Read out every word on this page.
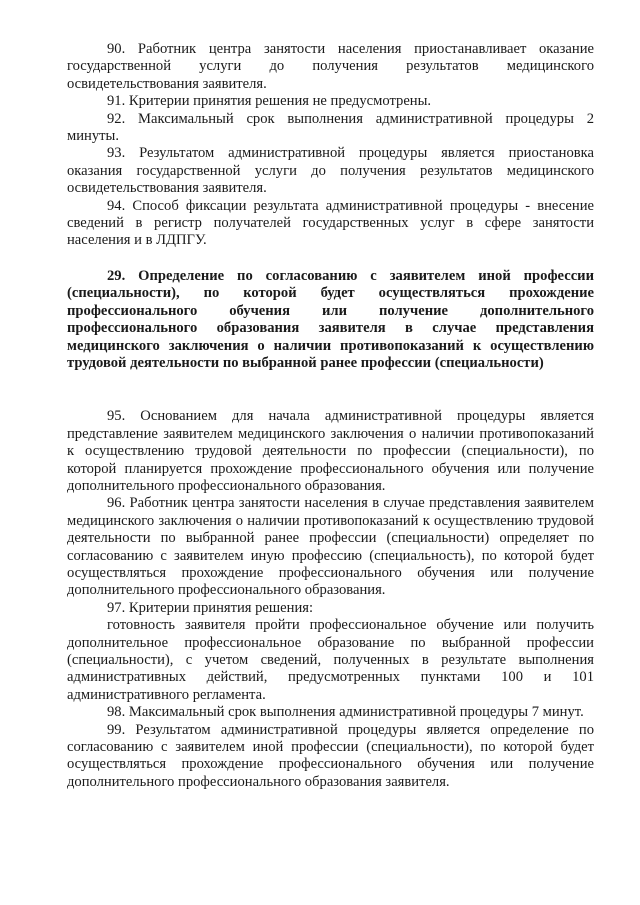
90. Работник центра занятости населения приостанавливает оказание государственной услуги до получения результатов медицинского освидетельствования заявителя.

91. Критерии принятия решения не предусмотрены.

92. Максимальный срок выполнения административной процедуры 2 минуты.

93. Результатом административной процедуры является приостановка оказания государственной услуги до получения результатов медицинского освидетельствования заявителя.

94. Способ фиксации результата административной процедуры - внесение сведений в регистр получателей государственных услуг в сфере занятости населения и в ЛДПГУ.

29. Определение по согласованию с заявителем иной профессии (специальности), по которой будет осуществляться прохождение профессионального обучения или получение дополнительного профессионального образования заявителя в случае представления медицинского заключения о наличии противопоказаний к осуществлению трудовой деятельности по выбранной ранее профессии (специальности)

95. Основанием для начала административной процедуры является представление заявителем медицинского заключения о наличии противопоказаний к осуществлению трудовой деятельности по профессии (специальности), по которой планируется прохождение профессионального обучения или получение дополнительного профессионального образования.

96. Работник центра занятости населения в случае представления заявителем медицинского заключения о наличии противопоказаний к осуществлению трудовой деятельности по выбранной ранее профессии (специальности) определяет по согласованию с заявителем иную профессию (специальность), по которой будет осуществляться прохождение профессионального обучения или получение дополнительного профессионального образования.

97. Критерии принятия решения:

готовность заявителя пройти профессиональное обучение или получить дополнительное профессиональное образование по выбранной профессии (специальности), с учетом сведений, полученных в результате выполнения административных действий, предусмотренных пунктами 100 и 101 административного регламента.

98. Максимальный срок выполнения административной процедуры 7 минут.

99. Результатом административной процедуры является определение по согласованию с заявителем иной профессии (специальности), по которой будет осуществляться прохождение профессионального обучения или получение дополнительного профессионального образования заявителя.
